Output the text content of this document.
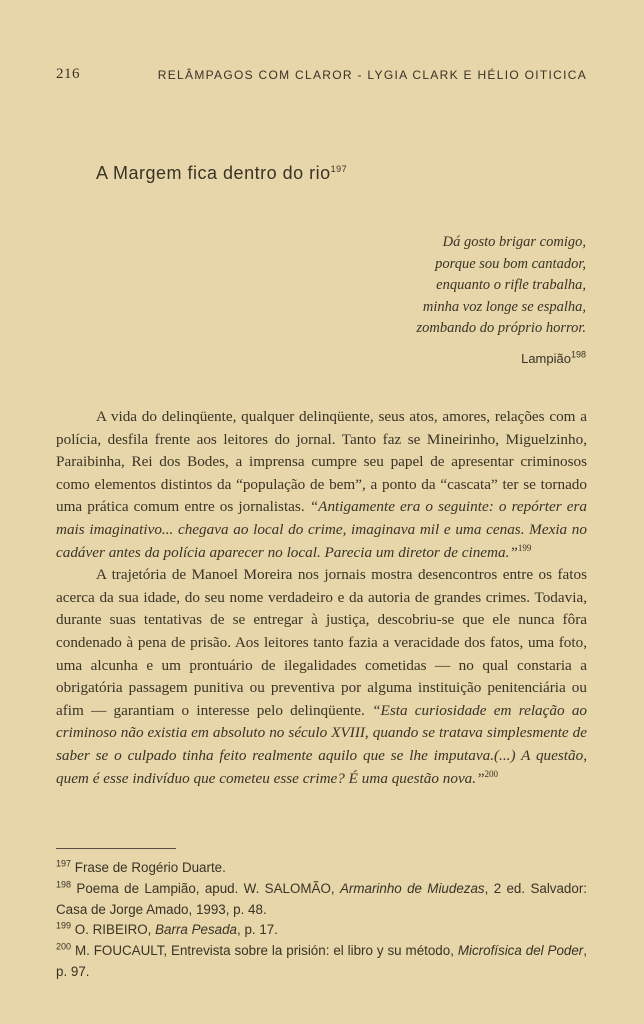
216	RELÂMPAGOS COM CLAROR - LYGIA CLARK E HÉLIO OITICICA
A Margem fica dentro do rio$^{197}$
Dá gosto brigar comigo,
porque sou bom cantador,
enquanto o rifle trabalha,
minha voz longe se espalha,
zombando do próprio horror.
Lampião$^{198}$

A vida do delinqüente, qualquer delinqüente, seus atos, amores, relações com a polícia, desfila frente aos leitores do jornal. Tanto faz se Mineirinho, Miguelzinho, Paraibinha, Rei dos Bodes, a imprensa cumpre seu papel de apresentar criminosos como elementos distintos da “população de bem”, a ponto da “cascata” ter se tornado uma prática comum entre os jornalistas. “Antigamente era o seguinte: o repórter era mais imaginativo... chegava ao local do crime, imaginava mil e uma cenas. Mexia no cadáver antes da polícia aparecer no local. Parecia um diretor de cinema.”$^{199}$

A trajetória de Manoel Moreira nos jornais mostra desencontros entre os fatos acerca da sua idade, do seu nome verdadeiro e da autoria de grandes crimes. Todavia, durante suas tentativas de se entregar à justiça, descobriu-se que ele nunca fôra condenado à pena de prisão. Aos leitores tanto fazia a veracidade dos fatos, uma foto, uma alcunha e um prontuário de ilegalidades cometidas — no qual constaria a obrigatória passagem punitiva ou preventiva por alguma instituição penitenciária ou afim — garantiam o interesse pelo delinqüente. “Esta curiosidade em relação ao criminoso não existia em absoluto no século XVIII, quando se tratava simplesmente de saber se o culpado tinha feito realmente aquilo que se lhe imputava.(...) A questão, quem é esse indivíduo que cometeu esse crime? É uma questão nova.”$^{200}$

$^{197}$ Frase de Rogério Duarte.
$^{198}$ Poema de Lampião, apud. W. SALOMÃO, Armarinho de Miudezas, 2 ed. Salvador: Casa de Jorge Amado, 1993, p. 48.
$^{199}$ O. RIBEIRO, Barra Pesada, p. 17.
$^{200}$ M. FOUCAULT, Entrevista sobre la prisión: el libro y su método, Microfísica del Poder, p. 97.
